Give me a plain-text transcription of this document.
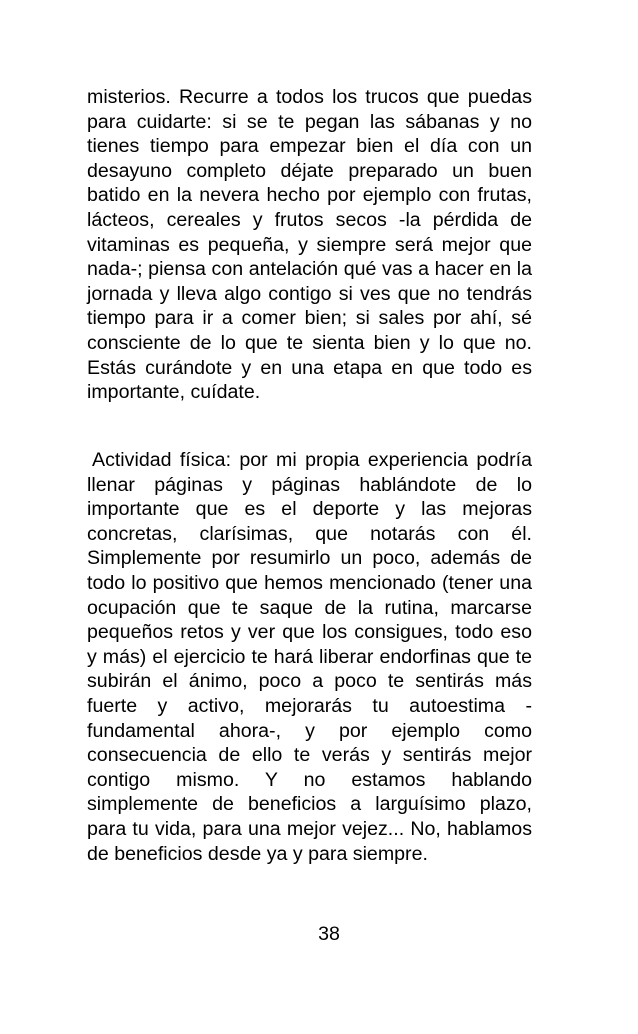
misterios. Recurre a todos los trucos que puedas para cuidarte: si se te pegan las sábanas y no tienes tiempo para empezar bien el día con un desayuno completo déjate preparado un buen batido en la nevera hecho por ejemplo con frutas, lácteos, cereales y frutos secos -la pérdida de vitaminas es pequeña, y siempre será mejor que nada-; piensa con antelación qué vas a hacer en la jornada y lleva algo contigo si ves que no tendrás tiempo para ir a comer bien; si sales por ahí, sé consciente de lo que te sienta bien y lo que no. Estás curándote y en una etapa en que todo es importante, cuídate.

Actividad física: por mi propia experiencia podría llenar páginas y páginas hablándote de lo importante que es el deporte y las mejoras concretas, clarísimas, que notarás con él. Simplemente por resumirlo un poco, además de todo lo positivo que hemos mencionado (tener una ocupación que te saque de la rutina, marcarse pequeños retos y ver que los consigues, todo eso y más) el ejercicio te hará liberar endorfinas que te subirán el ánimo, poco a poco te sentirás más fuerte y activo, mejorarás tu autoestima -fundamental ahora-, y por ejemplo como consecuencia de ello te verás y sentirás mejor contigo mismo. Y no estamos hablando simplemente de beneficios a larguísimo plazo, para tu vida, para una mejor vejez... No, hablamos de beneficios desde ya y para siempre.

38
